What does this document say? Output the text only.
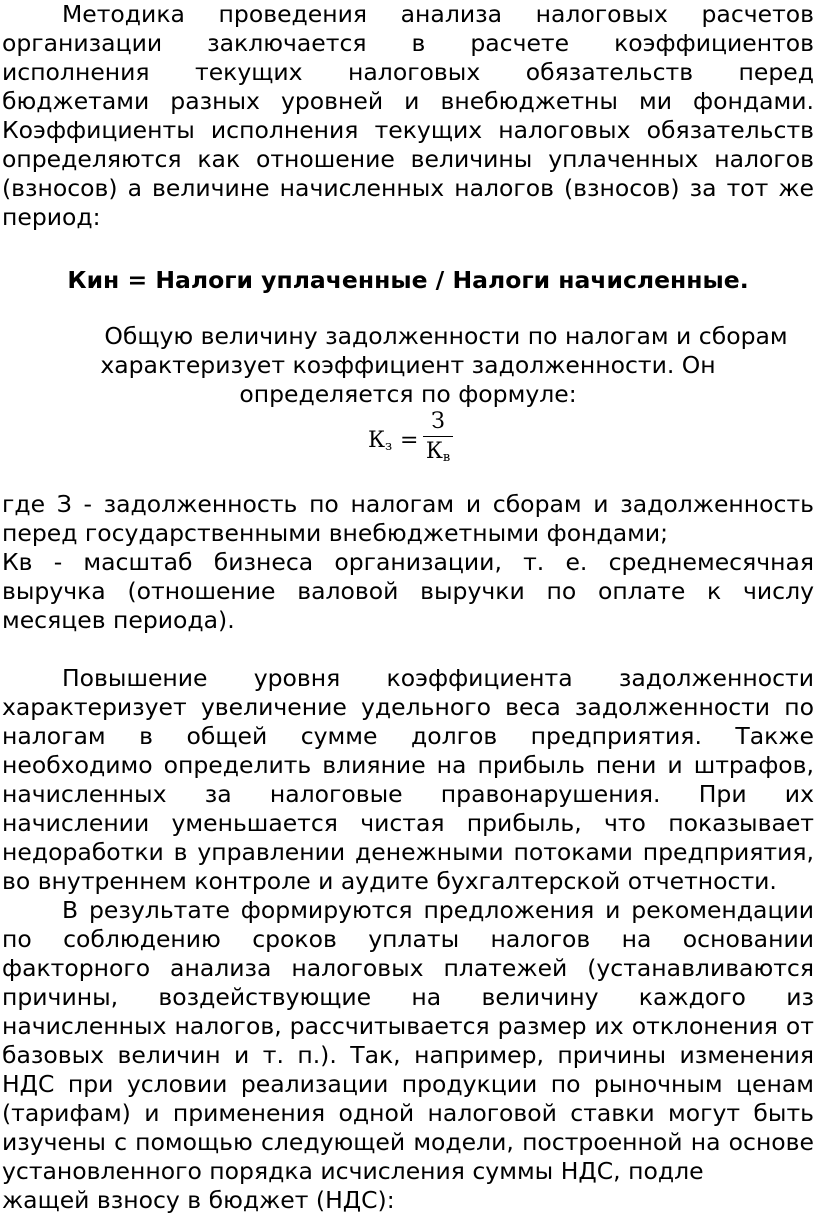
Методика проведения анализа налоговых расчетов организации заключается в расчете коэффициентов исполнения текущих налоговых обязательств перед бюджетами разных уровней и внебюджетны ми фондами. Коэффициенты исполнения текущих налоговых обязательств определяются как отношение величины уплаченных налогов (взносов) а величине начисленных налогов (взносов) за тот же период:

Кин = Налоги уплаченные / Налоги начисленные.

Общую величину задолженности по налогам и сборам характеризует коэффициент задолженности. Он определяется по формуле:

$К_з$ =
З
$К_в$

где З - задолженность по налогам и сборам и задолженность перед государственными внебюджетными фондами;

Кв - масштаб бизнеса организации, т. е. среднемесячная выручка (отношение валовой выручки по оплате к числу месяцев периода).

Повышение уровня коэффициента задолженности характеризует увеличение удельного веса задолженности по налогам в общей сумме долгов предприятия. Также необходимо определить влияние на прибыль пени и штрафов, начисленных за налоговые правонарушения. При их начислении уменьшается чистая прибыль, что показывает недоработки в управлении денежными потоками предприятия, во внутреннем контроле и аудите бухгалтерской отчетности.

В результате формируются предложения и рекомендации по соблюдению сроков уплаты налогов на основании факторного анализа налоговых платежей (устанавливаются причины, воздействующие на величину каждого из начисленных налогов, рассчитывается размер их отклонения от базовых величин и т. п.). Так, например, причины изменения НДС при условии реализации продукции по рыночным ценам (тарифам) и применения одной налоговой ставки могут быть изучены с помощью следующей модели, построенной на основе установленного порядка исчисления суммы НДС, подле

жащей взносу в бюджет (НДС):
